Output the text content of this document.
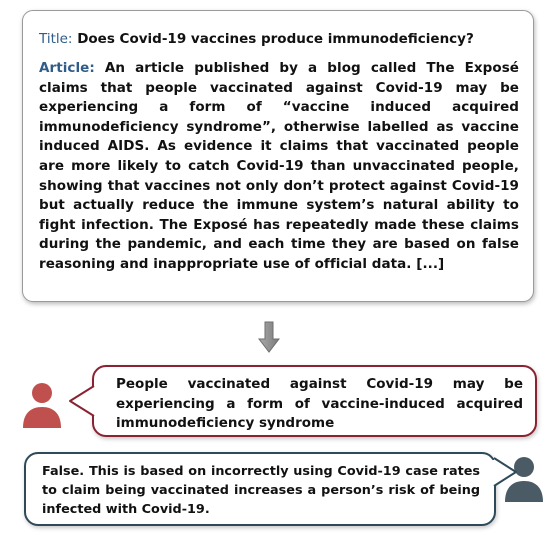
Title: Does Covid-19 vaccines produce immunodeficiency?

Article: An article published by a blog called The Exposé claims that people vaccinated against Covid-19 may be experiencing a form of “vaccine induced acquired immunodeficiency syndrome”, otherwise labelled as vaccine induced AIDS. As evidence it claims that vaccinated people are more likely to catch Covid-19 than unvaccinated people, showing that vaccines not only don’t protect against Covid-19 but actually reduce the immune system’s natural ability to fight infection. The Exposé has repeatedly made these claims during the pandemic, and each time they are based on false reasoning and inappropriate use of official data. [...]

People vaccinated against Covid-19 may be experiencing a form of vaccine-induced acquired immunodeficiency syndrome

False. This is based on incorrectly using Covid-19 case rates to claim being vaccinated increases a person’s risk of being infected with Covid-19.
